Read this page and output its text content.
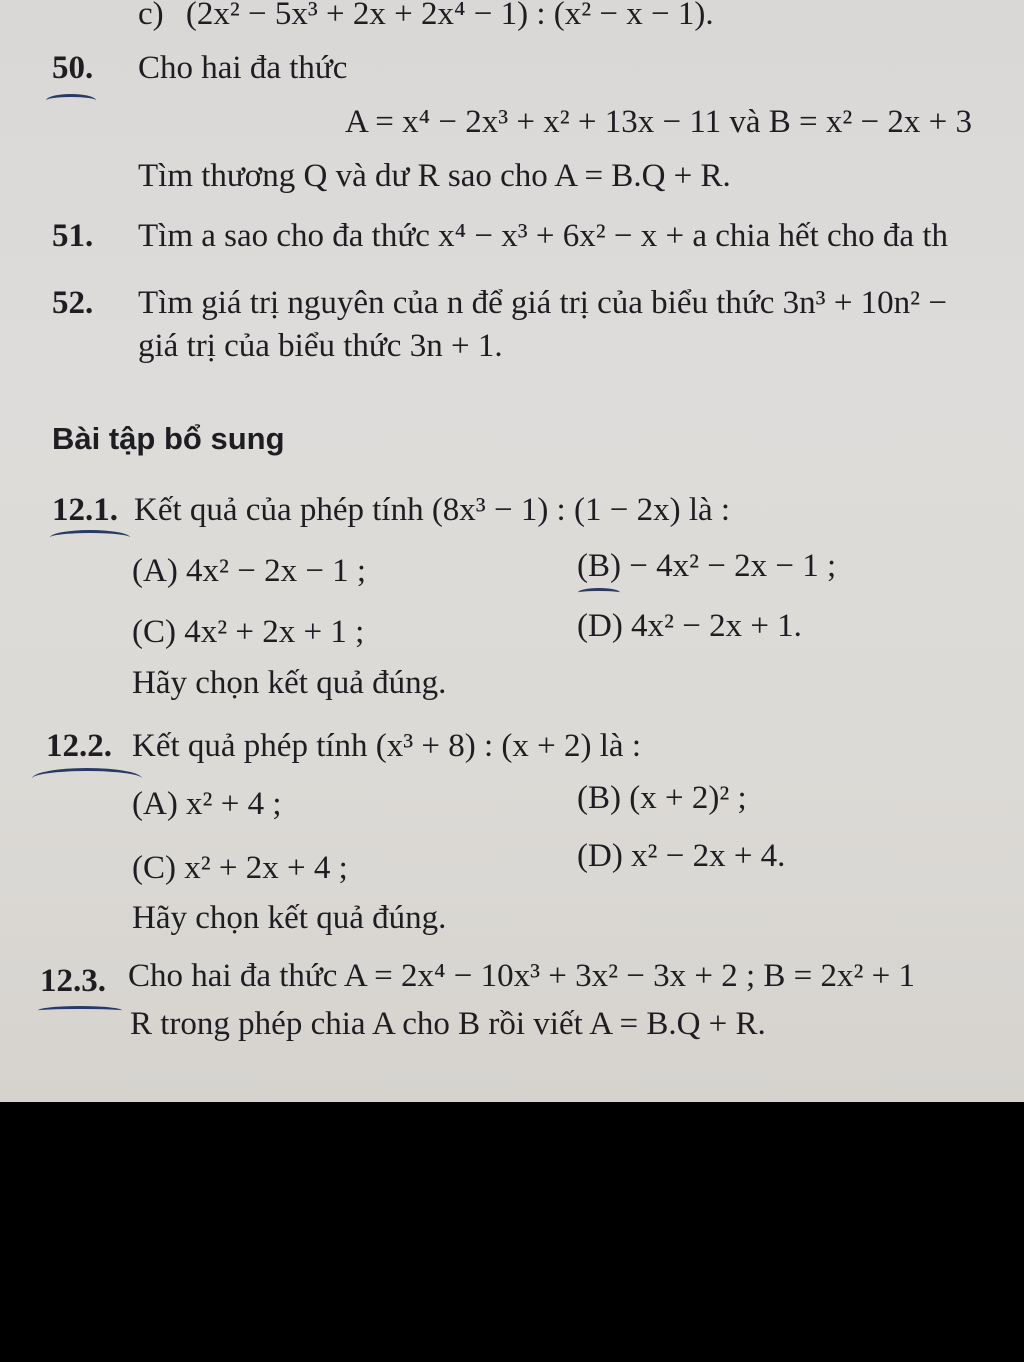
c) (2x² − 5x³ + 2x + 2x⁴ − 1) : (x² − x − 1).
50. Cho hai đa thức
A = x⁴ − 2x³ + x² + 13x − 11 và B = x² − 2x + 3
Tìm thương Q và dư R sao cho A = B.Q + R.
51. Tìm a sao cho đa thức x⁴ − x³ + 6x² − x + a chia hết cho đa th
52. Tìm giá trị nguyên của n để giá trị của biểu thức 3n³ + 10n² −
giá trị của biểu thức 3n + 1.
Bài tập bổ sung
12.1. Kết quả của phép tính (8x³ − 1) : (1 − 2x) là :
(A) 4x² − 2x − 1 ;	(B) − 4x² − 2x − 1 ;
(C) 4x² + 2x + 1 ;	(D) 4x² − 2x + 1.
Hãy chọn kết quả đúng.
12.2. Kết quả phép tính (x³ + 8) : (x + 2) là :
(A) x² + 4 ;	(B) (x + 2)² ;
(C) x² + 2x + 4 ;	(D) x² − 2x + 4.
Hãy chọn kết quả đúng.
12.3. Cho hai đa thức A = 2x⁴ − 10x³ + 3x² − 3x + 2 ; B = 2x² + 1
R trong phép chia A cho B rồi viết A = B.Q + R.
